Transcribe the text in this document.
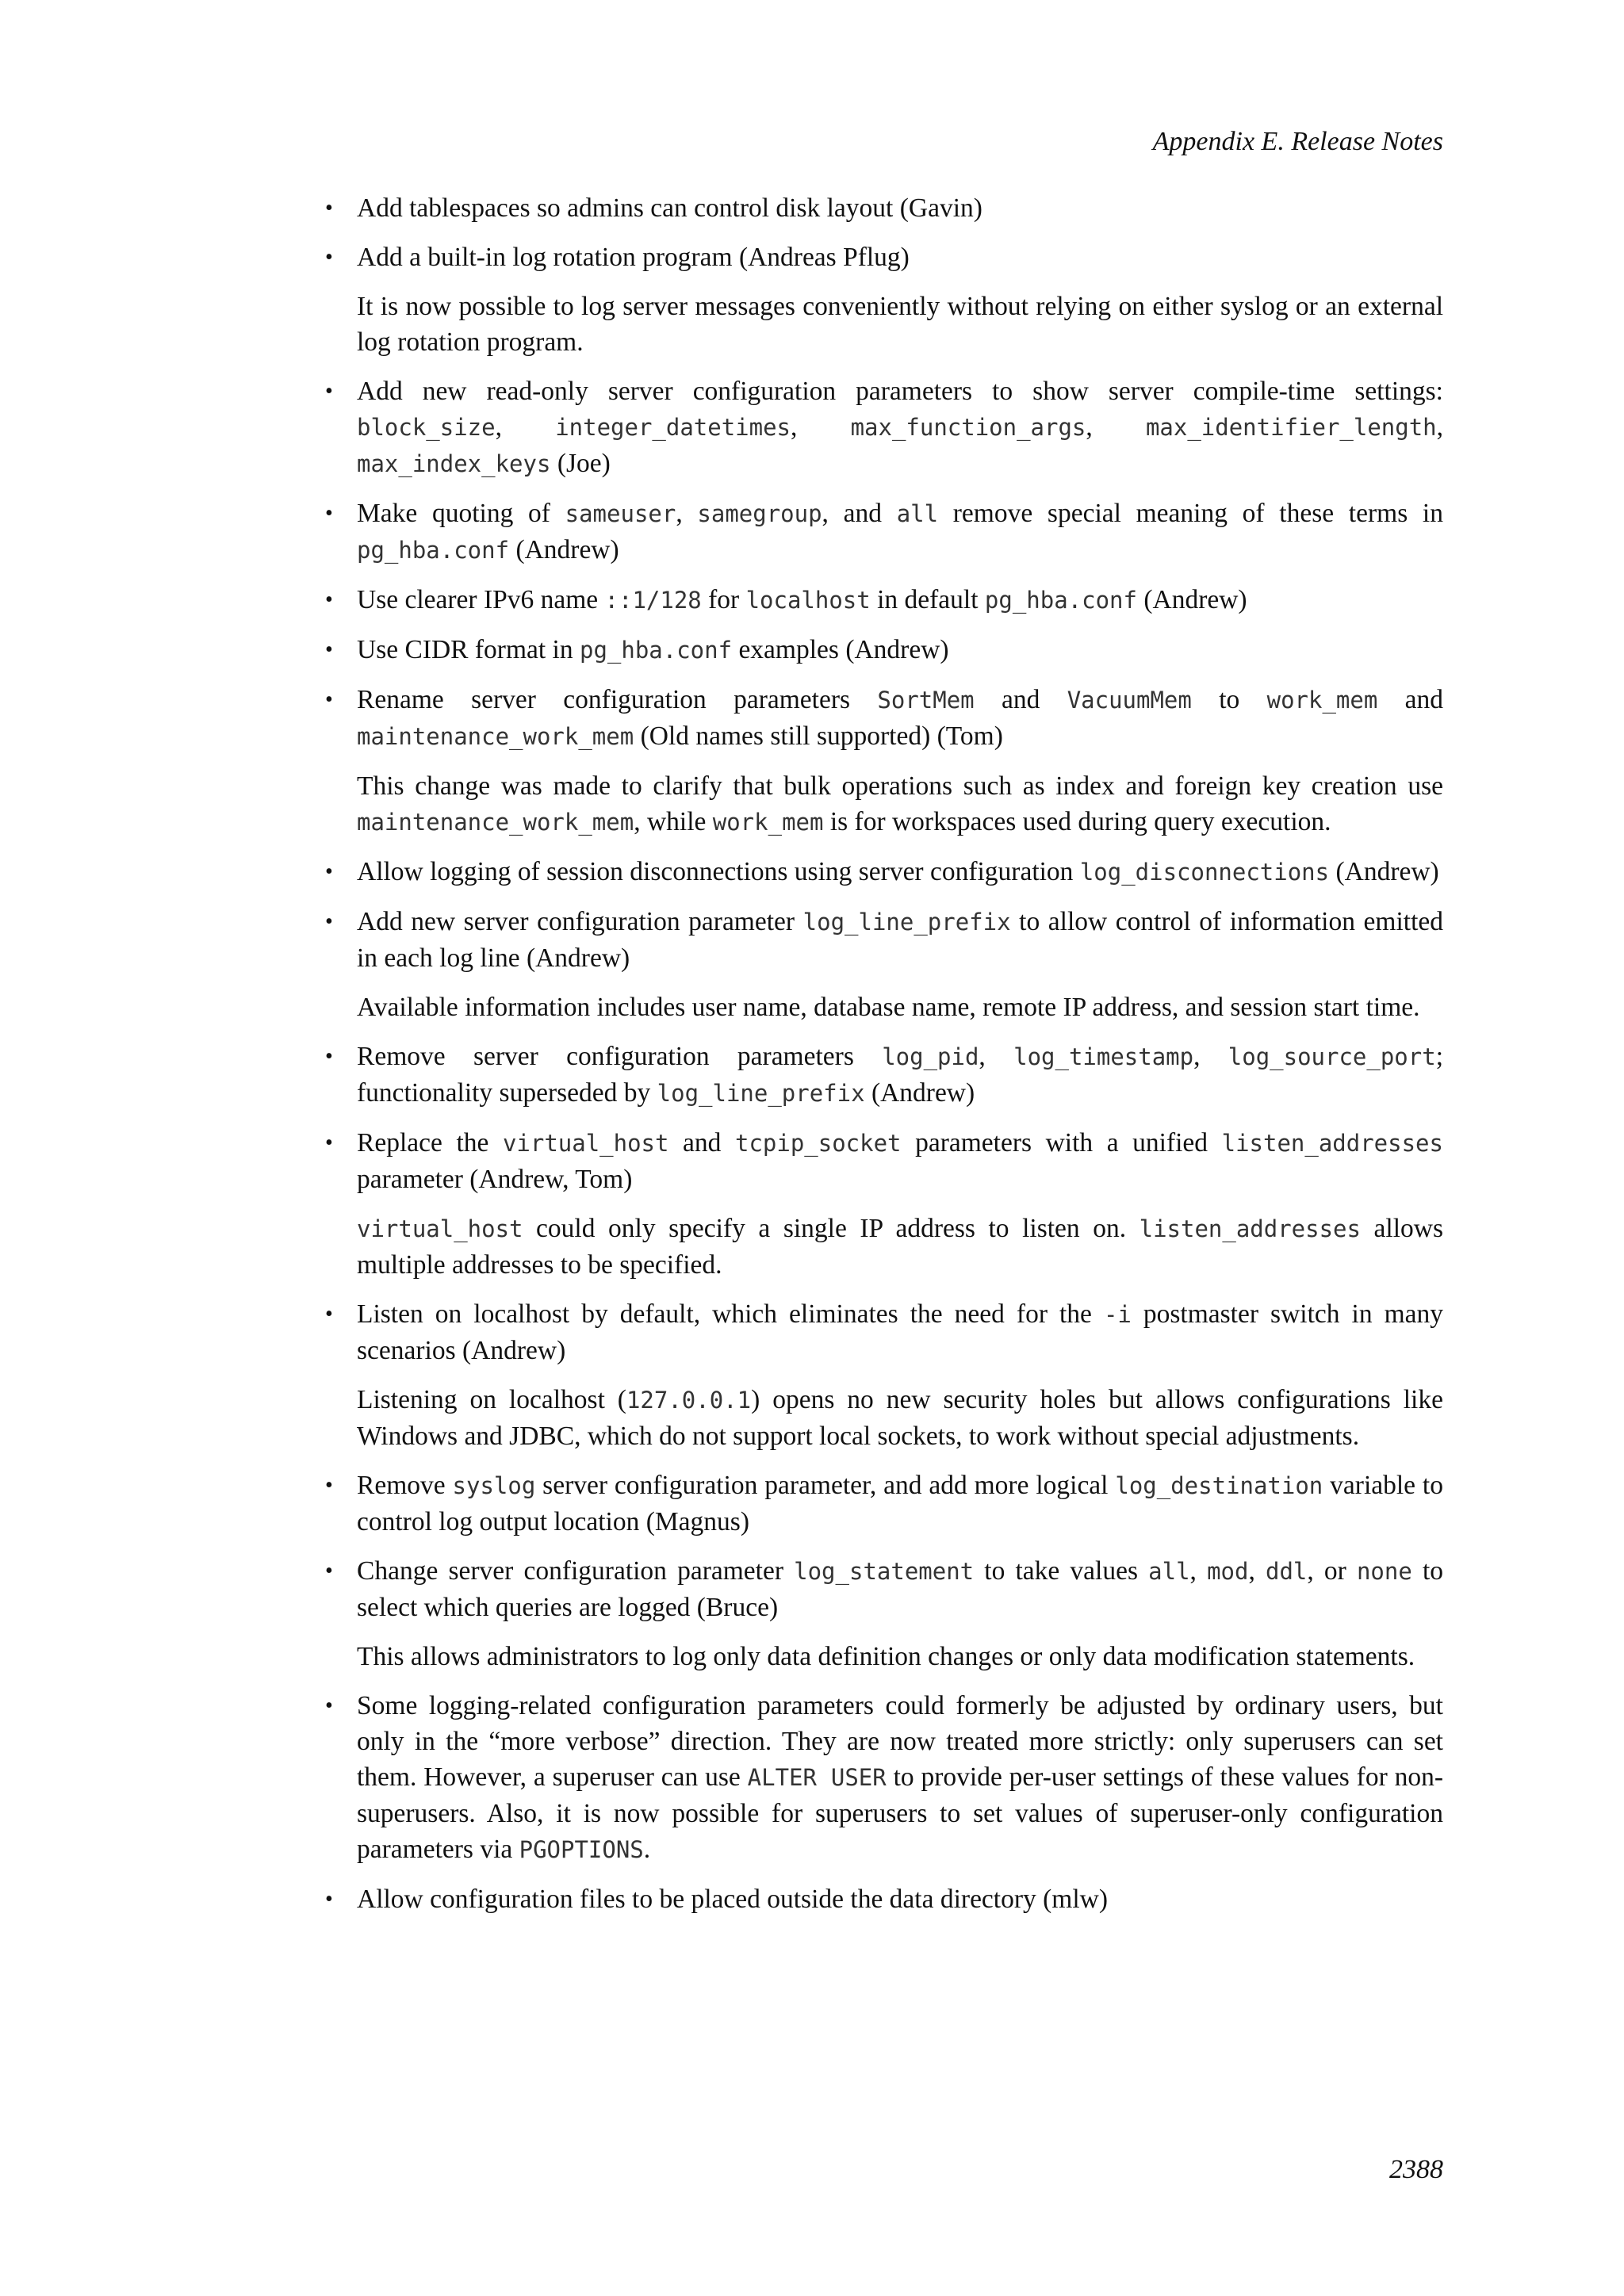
Appendix E. Release Notes
• Add tablespaces so admins can control disk layout (Gavin)

• Add a built-in log rotation program (Andreas Pflug)

It is now possible to log server messages conveniently without relying on either syslog or an external log rotation program.

• Add new read-only server configuration parameters to show server compile-time settings: block_size, integer_datetimes, max_function_args, max_identifier_length, max_index_keys (Joe)

• Make quoting of sameuser, samegroup, and all remove special meaning of these terms in pg_hba.conf (Andrew)

• Use clearer IPv6 name ::1/128 for localhost in default pg_hba.conf (Andrew)

• Use CIDR format in pg_hba.conf examples (Andrew)

• Rename server configuration parameters SortMem and VacuumMem to work_mem and maintenance_work_mem (Old names still supported) (Tom)

This change was made to clarify that bulk operations such as index and foreign key creation use maintenance_work_mem, while work_mem is for workspaces used during query execution.

• Allow logging of session disconnections using server configuration log_disconnections (Andrew)

• Add new server configuration parameter log_line_prefix to allow control of information emitted in each log line (Andrew)

Available information includes user name, database name, remote IP address, and session start time.

• Remove server configuration parameters log_pid, log_timestamp, log_source_port; functionality superseded by log_line_prefix (Andrew)

• Replace the virtual_host and tcpip_socket parameters with a unified listen_addresses parameter (Andrew, Tom)

virtual_host could only specify a single IP address to listen on. listen_addresses allows multiple addresses to be specified.

• Listen on localhost by default, which eliminates the need for the -i postmaster switch in many scenarios (Andrew)

Listening on localhost (127.0.0.1) opens no new security holes but allows configurations like Windows and JDBC, which do not support local sockets, to work without special adjustments.

• Remove syslog server configuration parameter, and add more logical log_destination variable to control log output location (Magnus)

• Change server configuration parameter log_statement to take values all, mod, ddl, or none to select which queries are logged (Bruce)

This allows administrators to log only data definition changes or only data modification statements.

• Some logging-related configuration parameters could formerly be adjusted by ordinary users, but only in the “more verbose” direction. They are now treated more strictly: only superusers can set them. However, a superuser can use ALTER USER to provide per-user settings of these values for non-superusers. Also, it is now possible for superusers to set values of superuser-only configuration parameters via PGOPTIONS.

• Allow configuration files to be placed outside the data directory (mlw)

2388
